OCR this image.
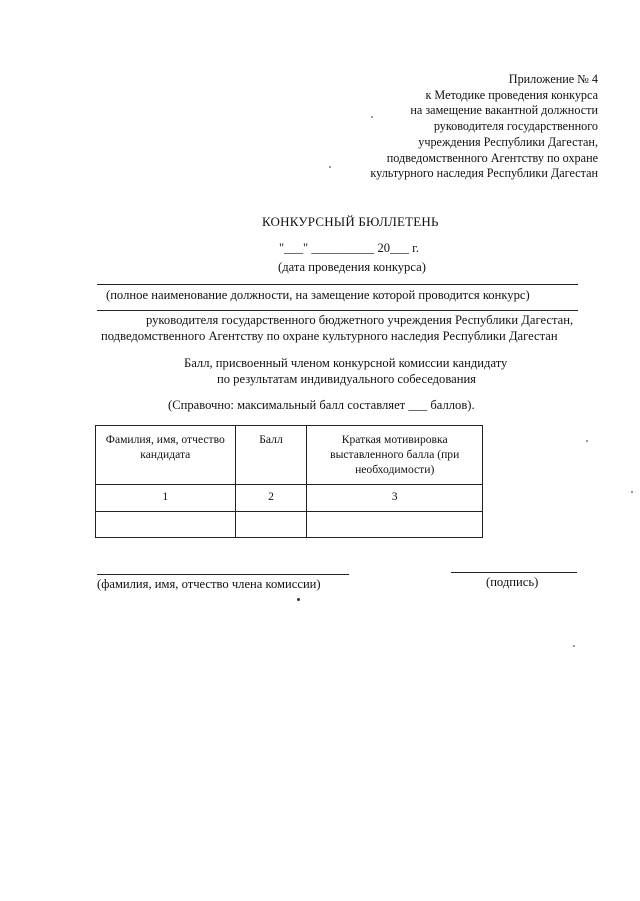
Приложение № 4
к Методике проведения конкурса
на замещение вакантной должности
руководителя государственного
учреждения Республики Дагестан,
подведомственного Агентству по охране
культурного наследия Республики Дагестан
КОНКУРСНЫЙ БЮЛЛЕТЕНЬ
"___" __________ 20___ г.
(дата проведения конкурса)
(полное наименование должности, на замещение которой проводится конкурс)
руководителя государственного бюджетного учреждения Республики Дагестан,
подведомственного Агентству по охране культурного наследия Республики Дагестан
Балл, присвоенный членом конкурсной комиссии кандидату
по результатам индивидуального собеседования
(Справочно: максимальный балл составляет ___ баллов).
Фамилия, имя, отчество кандидата	Балл	Краткая мотивировка выставленного балла (при необходимости)
1	2	3

(фамилия, имя, отчество члена комиссии)	(подпись)
